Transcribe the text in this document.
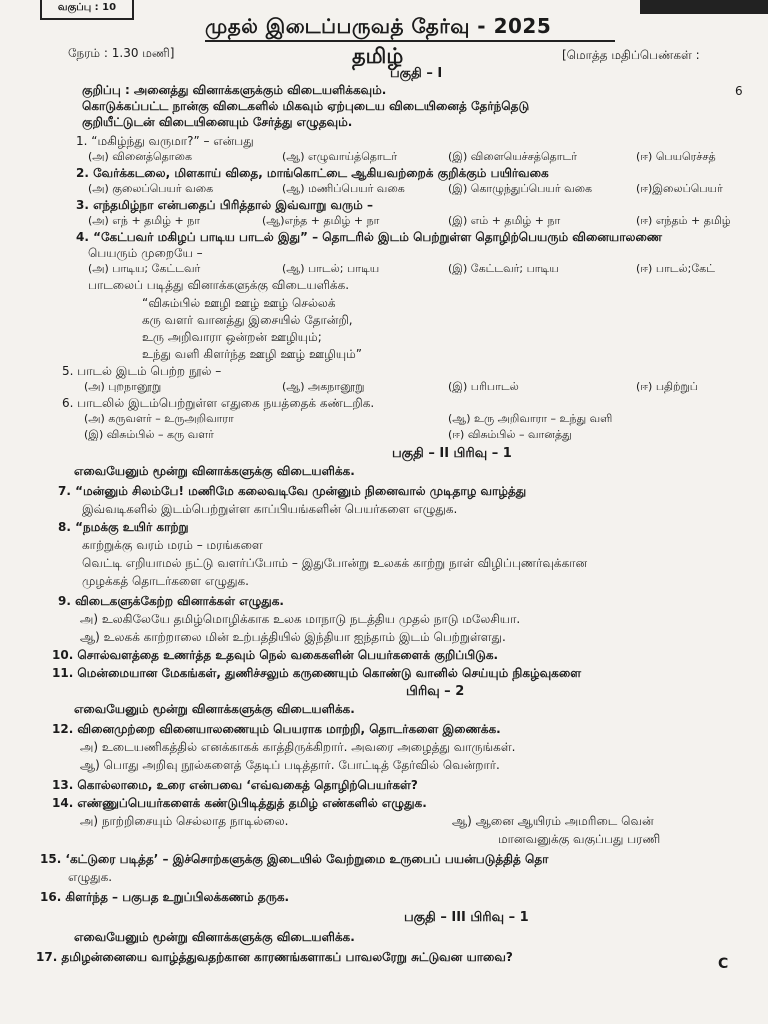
வகுப்பு : 10
முதல் இடைப்பருவத் தேர்வு - 2025
நேரம் : 1.30 மணி]	தமிழ்	[மொத்த மதிப்பெண்கள் :
பகுதி – I
குறிப்பு : அனைத்து வினாக்களுக்கும் விடையளிக்கவும்.	6
கொடுக்கப்பட்ட நான்கு விடைகளில் மிகவும் ஏற்புடைய விடையினைத் தேர்ந்தெடு
குறியீட்டுடன் விடையினையும் சேர்த்து எழுதவும்.
1. “மகிழ்ந்து வருமா?” – என்பது
(அ) வினைத்தொகை	(ஆ) எழுவாய்த்தொடர்	(இ) விளையெச்சத்தொடர்	(ஈ) பெயரெச்சத்
2. வேர்க்கடலை, மிளகாய் விதை, மாங்கொட்டை ஆகியவற்றைக் குறிக்கும் பயிர்வகை
(அ) குலைப்பெயர் வகை	(ஆ) மணிப்பெயர் வகை	(இ) கொழுந்துப்பெயர் வகை	(ஈ)இலைப்பெயர்
3. எந்தமிழ்நா என்பதைப் பிரித்தால் இவ்வாறு வரும் –
(அ) எந் + தமிழ் + நா	(ஆ)எந்த + தமிழ் + நா	(இ) எம் + தமிழ் + நா	(ஈ) எந்தம் + தமிழ்
4. “கேட்பவர் மகிழப் பாடிய பாடல் இது” – தொடரில் இடம் பெற்றுள்ள தொழிற்பெயரும் வினையாலணை
பெயரும் முறையே –
(அ) பாடிய; கேட்டவர்	(ஆ) பாடல்; பாடிய	(இ) கேட்டவர்; பாடிய	(ஈ) பாடல்;கேட்
பாடலைப் படித்து வினாக்களுக்கு விடையளிக்க.
“விசும்பில் ஊழி ஊழ் ஊழ் செல்லக்
கரு வளர் வானத்து இசையில் தோன்றி,
உரு அறிவாரா ஒன்றன் ஊழியும்;
உந்து வளி கிளர்ந்த ஊழி ஊழ் ஊழியும்”
5. பாடல் இடம் பெற்ற நூல் –
(அ) புறநானூறு	(ஆ) அகநானூறு	(இ) பரிபாடல்	(ஈ) பதிற்றுப்
6. பாடலில் இடம்பெற்றுள்ள எதுகை நயத்தைக் கண்டறிக.
(அ) கருவளர் – உருஅறிவாரா	(ஆ) உரு அறிவாரா – உந்து வளி
(இ) விசும்பில் – கரு வளர்	(ஈ) விசும்பில் – வானத்து
பகுதி – II பிரிவு – 1
எவையேனும் மூன்று வினாக்களுக்கு விடையளிக்க.
7. “மன்னும் சிலம்பே! மணிமே கலைவடிவே முன்னும் நினைவால் முடிதாழ வாழ்த்து
இவ்வடிகளில் இடம்பெற்றுள்ள காப்பியங்களின் பெயர்களை எழுதுக.
8. “நமக்கு உயிர் காற்று
காற்றுக்கு வரம் மரம் – மரங்களை
வெட்டி எறியாமல் நட்டு வளர்ப்போம் – இதுபோன்று உலகக் காற்று நாள் விழிப்புணர்வுக்கான
முழக்கத் தொடர்களை எழுதுக.
9. விடைகளுக்கேற்ற வினாக்கள் எழுதுக.
அ) உலகிலேயே தமிழ்மொழிக்காக உலக மாநாடு நடத்திய முதல் நாடு மலேசியா.
ஆ) உலகக் காற்றாலை மின் உற்பத்தியில் இந்தியா ஐந்தாம் இடம் பெற்றுள்ளது.
10. சொல்வளத்தை உணர்த்த உதவும் நெல் வகைகளின் பெயர்களைக் குறிப்பிடுக.
11. மென்மையான மேகங்கள், துணிச்சலும் கருணையும் கொண்டு வானில் செய்யும் நிகழ்வுகளை
பிரிவு – 2
எவையேனும் மூன்று வினாக்களுக்கு விடையளிக்க.
12. வினைமுற்றை வினையாலணையும் பெயராக மாற்றி, தொடர்களை இணைக்க.
அ) உடையணிகத்தில் எனக்காகக் காத்திருக்கிறார். அவரை அழைத்து வாருங்கள்.
ஆ) பொது அறிவு நூல்களைத் தேடிப் படித்தார். போட்டித் தேர்வில் வென்றார்.
13. கொல்லாமை, உரை என்பவை ‘எவ்வகைத் தொழிற்பெயர்கள்?
14. எண்ணுப்பெயர்களைக் கண்டுபிடித்துத் தமிழ் எண்களில் எழுதுக.
அ) நாற்றிசையும் செல்லாத நாடில்லை.	ஆ) ஆனை ஆயிரம் அமரிடை வென்
மானவனுக்கு வகுப்பது பரணி
15. ‘கட்டுரை படித்த’ – இச்சொற்களுக்கு இடையில் வேற்றுமை உருபைப் பயன்படுத்தித் தொ
எழுதுக.
16. கிளர்ந்த – பகுபத உறுப்பிலக்கணம் தருக.
பகுதி – III பிரிவு – 1
எவையேனும் மூன்று வினாக்களுக்கு விடையளிக்க.
17. தமிழன்னையை வாழ்த்துவதற்கான காரணங்களாகப் பாவலரேறு சுட்டுவன யாவை?	C
